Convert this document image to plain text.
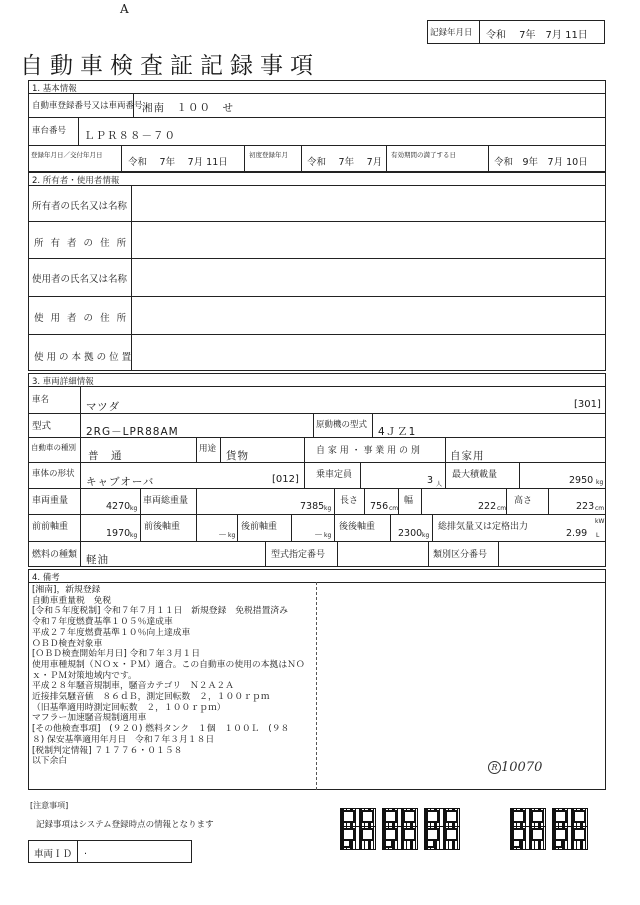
A
記録年月日 令和　 7年　7月 11日
自動車検査証記録事項
1. 基本情報
自動車登録番号又は車両番号 湘南　１００　せ
車台番号 ＬＰＲ８８－７０
登録年月日／交付年月日
令和　 7年　 7月 11日
初度登録年月
令和　 7年　 7月
有効期間の満了する日
令和　9年　7月 10日
2. 所有者・使用者情報
所有者の氏名又は名称
所 有 者 の 住 所
使用者の氏名又は名称
使 用 者 の 住 所
使 用 の 本 拠 の 位 置
3. 車両詳細情報
車名
マツダ	[301]
型式	2RG－LPR88AM
原動機の型式
4ＪＺ1
自動車の種別
普　通
用途
貨物	自 家 用 ・ 事 業 用 の 別	自家用
車体の形状
キャブオーバ	[012] 乗車定員	3 人
最大積載量	2950 kg
車両重量	4270 kg
車両総重量	7385 kg
長さ 756 cm
幅	222 cm
高さ	223 cm
前前軸重
1970 kg
前後軸重
－ kg
後前軸重
－ kg
後後軸重
2300 kg
総排気量又は定格出力
kW
2.99 L
燃料の種類 軽油	型式指定番号	類別区分番号
4. 備考
[湘南]，新規登録
自動車重量税　免税
[令和５年度税制] 令和７年７月１１日　新規登録　免税措置済み
令和７年度燃費基準１０５％達成車
平成２７年度燃費基準１０％向上達成車
ＯＢＤ検査対象車
[ＯＢＤ検査開始年月日] 令和７年３月１日
使用車種規制（ＮＯｘ・ＰＭ）適合。この自動車の使用の本拠はＮＯ
ｘ・ＰＭ対策地域内です。
平成２８年騒音規制車，騒音カテゴリ　Ｎ２Ａ２Ａ
近接排気騒音値　８６ｄＢ，測定回転数　２，１００ｒｐｍ
（旧基準適用時測定回転数　２，１００ｒｐｍ）
マフラー加速騒音規制適用車
[その他検査事項]　(９２０) 燃料タンク　１個　１００Ｌ　(９８
８) 保安基準適用年月日　令和７年３月１８日
[税制判定情報] ７１７７６・０１５８
以下余白
R 10070
[注意事項]
記録事項はシステム登録時点の情報となります
車両ＩＤ .
